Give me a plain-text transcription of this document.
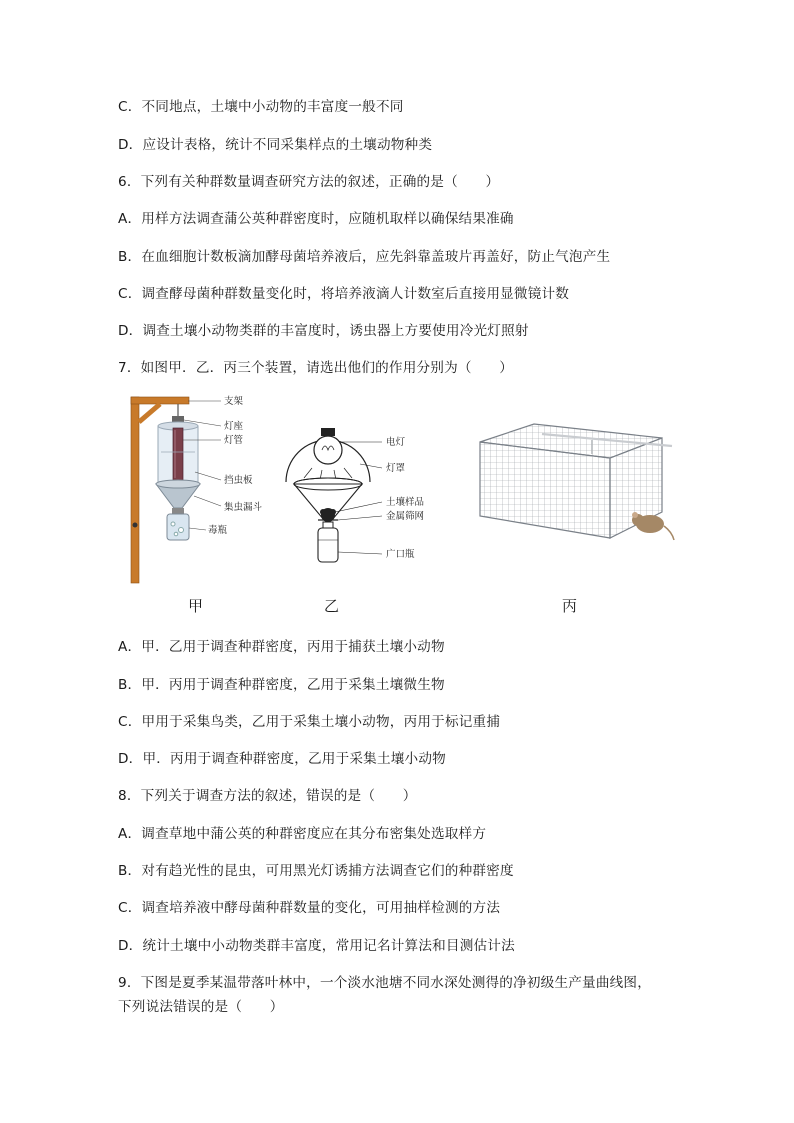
C．不同地点，土壤中小动物的丰富度一般不同
D．应设计表格，统计不同采集样点的土壤动物种类
6．下列有关种群数量调查研究方法的叙述，正确的是（　　）
A．用样方法调查蒲公英种群密度时，应随机取样以确保结果准确
B．在血细胞计数板滴加酵母菌培养液后，应先斜靠盖玻片再盖好，防止气泡产生
C．调查酵母菌种群数量变化时，将培养液滴人计数室后直接用显微镜计数
D．调查土壤小动物类群的丰富度时，诱虫器上方要使用冷光灯照射
7．如图甲．乙．丙三个装置，请选出他们的作用分别为（　　）
支架
灯座
灯管
挡虫板
集虫漏斗
毒瓶
电灯
灯罩
土壤样品
金属筛网
广口瓶
甲	乙	丙
A．甲．乙用于调查种群密度，丙用于捕获土壤小动物
B．甲．丙用于调查种群密度，乙用于采集土壤微生物
C．甲用于采集鸟类，乙用于采集土壤小动物，丙用于标记重捕
D．甲．丙用于调查种群密度，乙用于采集土壤小动物
8．下列关于调查方法的叙述，错误的是（　　）
A．调查草地中蒲公英的种群密度应在其分布密集处选取样方
B．对有趋光性的昆虫，可用黑光灯诱捕方法调查它们的种群密度
C．调查培养液中酵母菌种群数量的变化，可用抽样检测的方法
D．统计土壤中小动物类群丰富度，常用记名计算法和目测估计法
9．下图是夏季某温带落叶林中，一个淡水池塘不同水深处测得的净初级生产量曲线图，
下列说法错误的是（　　）
